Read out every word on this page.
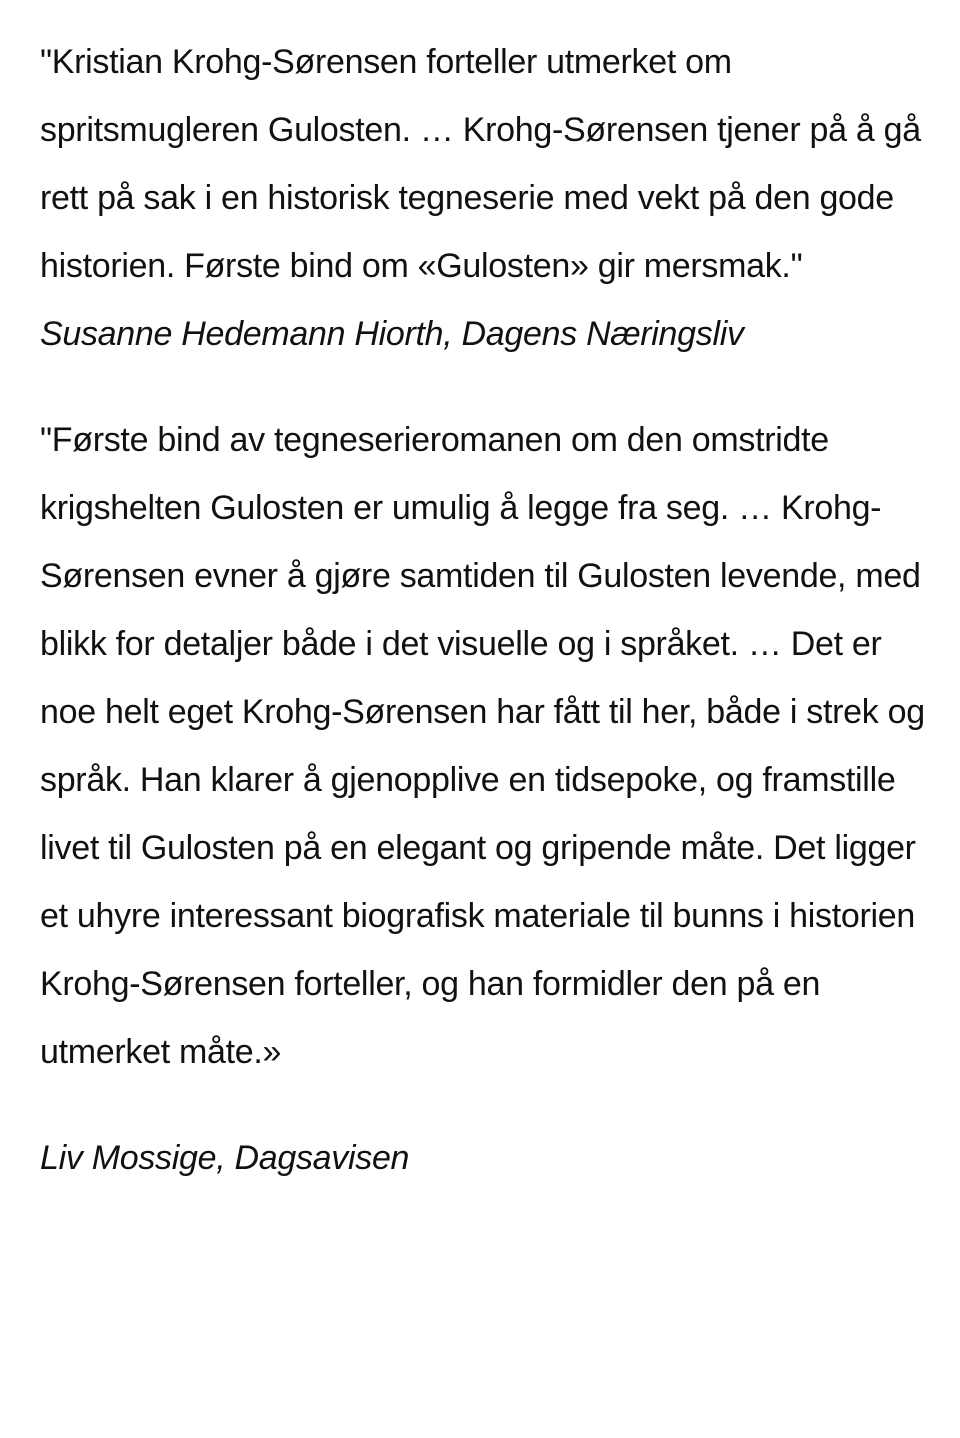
"Kristian Krohg-Sørensen forteller utmerket om spritsmugleren Gulosten. … Krohg-Sørensen tjener på å gå rett på sak i en historisk tegneserie med vekt på den gode historien. Første bind om «Gulosten» gir mersmak." Susanne Hedemann Hiorth, Dagens Næringsliv

"Første bind av tegneserieromanen om den omstridte krigshelten Gulosten er umulig å legge fra seg. … Krohg-Sørensen evner å gjøre samtiden til Gulosten levende, med blikk for detaljer både i det visuelle og i språket. … Det er noe helt eget Krohg-Sørensen har fått til her, både i strek og språk. Han klarer å gjenopplive en tidsepoke, og framstille livet til Gulosten på en elegant og gripende måte. Det ligger et uhyre interessant biografisk materiale til bunns i historien Krohg-Sørensen forteller, og han formidler den på en utmerket måte.»

Liv Mossige, Dagsavisen
